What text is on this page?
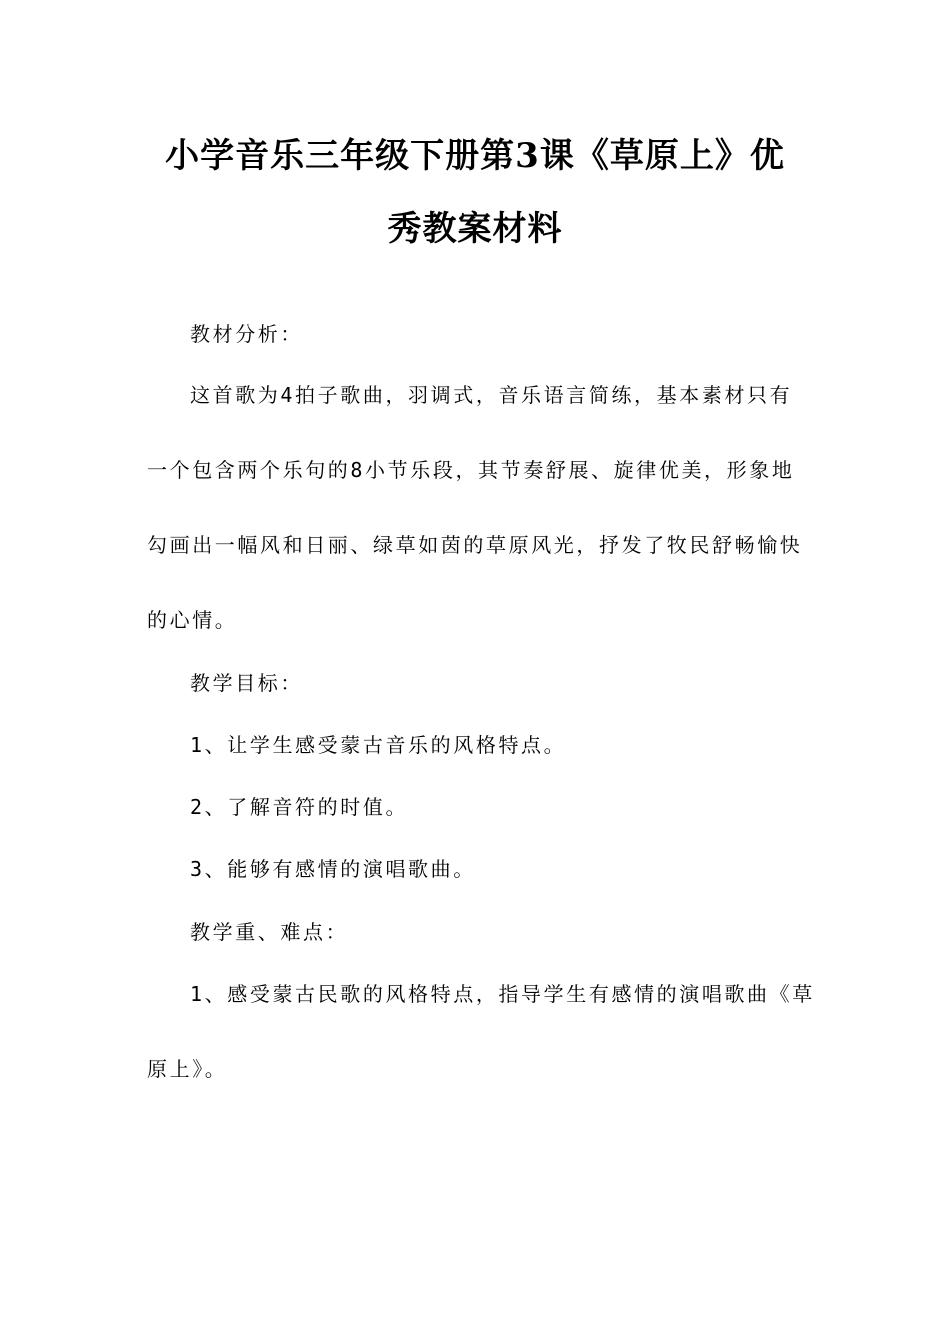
小学音乐三年级下册第3课《草原上》优
秀教案材料
教材分析：
这首歌为4拍子歌曲，羽调式，音乐语言简练，基本素材只有
一个包含两个乐句的8小节乐段，其节奏舒展、旋律优美，形象地
勾画出一幅风和日丽、绿草如茵的草原风光，抒发了牧民舒畅愉快
的心情。
教学目标：
1、让学生感受蒙古音乐的风格特点。
2、了解音符的时值。
3、能够有感情的演唱歌曲。
教学重、难点：
1、感受蒙古民歌的风格特点，指导学生有感情的演唱歌曲《草
原上》。
